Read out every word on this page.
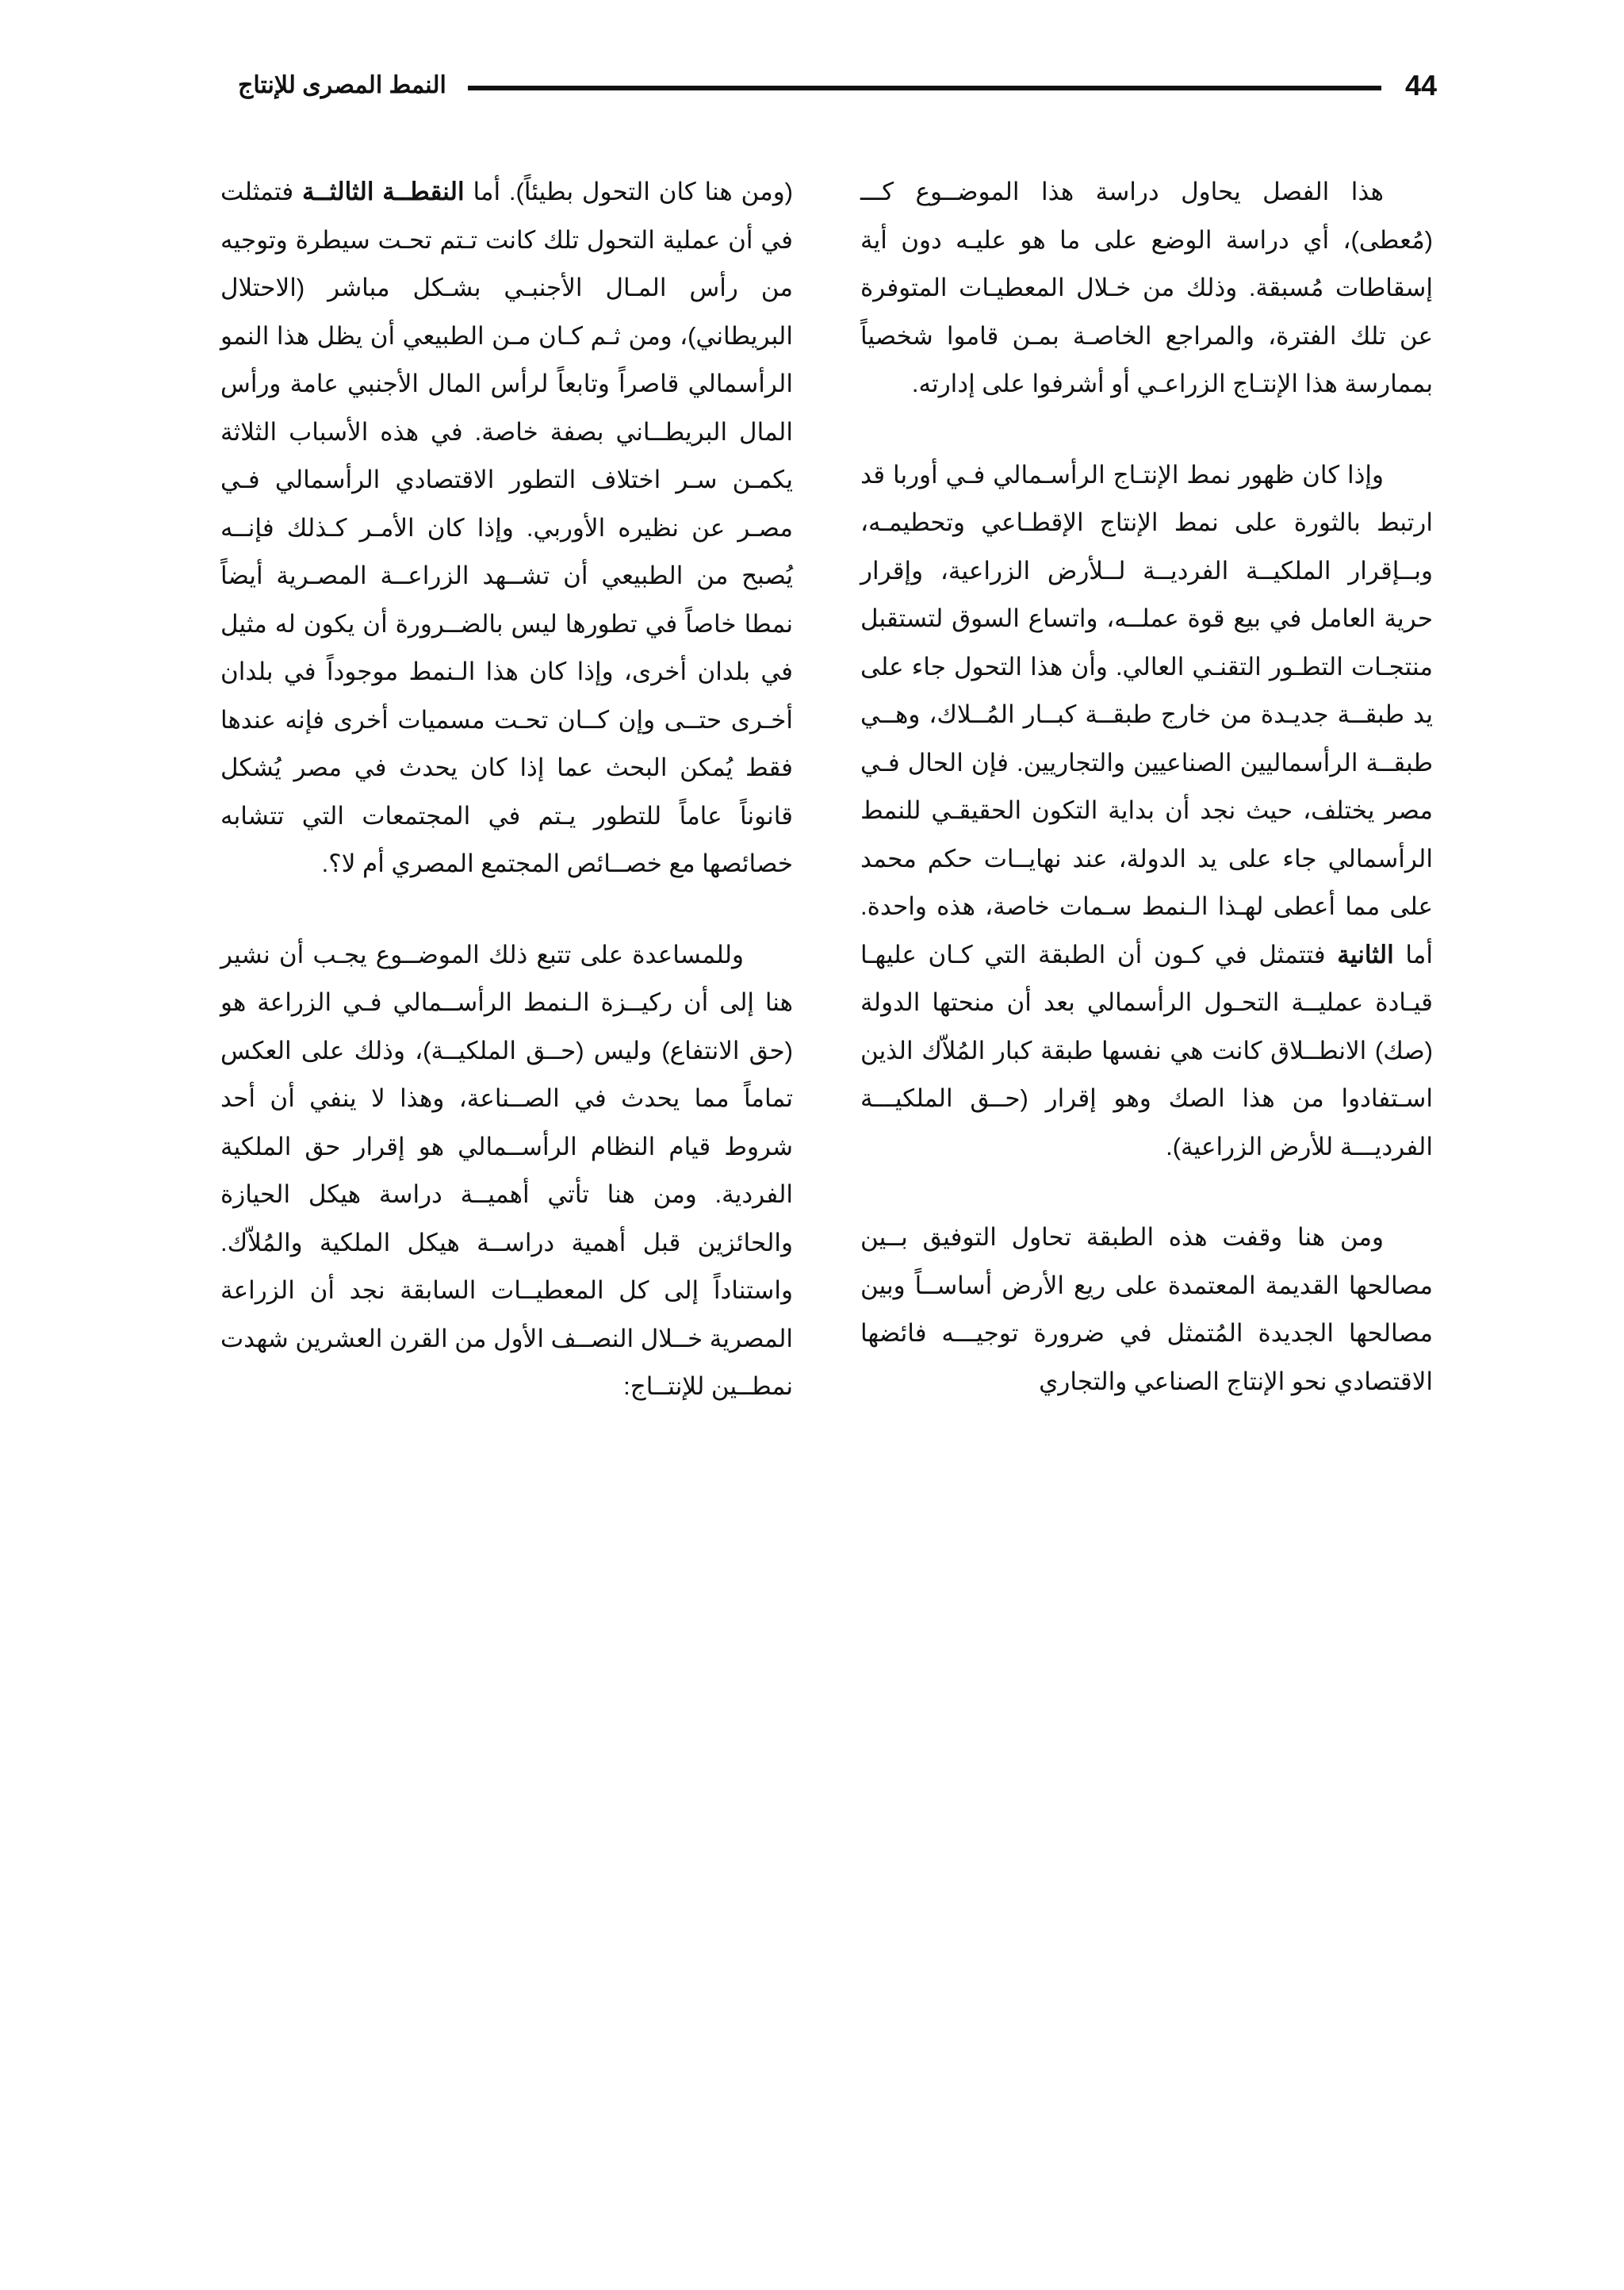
44
النمط المصرى للإنتاج

هذا الفصل يحاول دراسة هذا الموضــوع كـــ (مُعطى)، أي دراسة الوضع على ما هو عليـه دون أية إسقاطات مُسبقة. وذلك من خـلال المعطيـات المتوفرة عن تلك الفترة، والمراجع الخاصـة بمـن قاموا شخصياً بممارسة هذا الإنتـاج الزراعـي أو أشرفوا على إدارته.

وإذا كان ظهور نمط الإنتـاج الرأسـمالي فـي أوربا قد ارتبط بالثورة على نمط الإنتاج الإقطـاعي وتحطيمـه، وبــإقرار الملكيــة الفرديــة لــلأرض الزراعية، وإقرار حرية العامل في بيع قوة عملــه، واتساع السوق لتستقبل منتجـات التطـور التقنـي العالي. وأن هذا التحول جاء على يد طبقــة جديـدة من خارج طبقــة كبــار المُــلاك، وهــي طبقــة الرأسماليين الصناعيين والتجاريين. فإن الحال فـي مصر يختلف، حيث نجد أن بداية التكون الحقيقـي للنمط الرأسمالي جاء على يد الدولة، عند نهايــات حكم محمد على مما أعطى لهـذا الـنمط سـمات خاصة، هذه واحدة. أما الثانية فتتمثل في كـون أن الطبقة التي كـان عليهـا قيـادة عمليــة التحـول الرأسمالي بعد أن منحتها الدولة (صك) الانطــلاق كانت هي نفسها طبقة كبار المُلاّك الذين اسـتفادوا من هذا الصك وهو إقرار (حــق الملكيـــة الفرديـــة للأرض الزراعية).

ومن هنا وقفت هذه الطبقة تحاول التوفيق بــين مصالحها القديمة المعتمدة على ريع الأرض أساســاً وبين مصالحها الجديدة المُتمثل في ضرورة توجيـــه فائضها الاقتصادي نحو الإنتاج الصناعي والتجاري

(ومن هنا كان التحول بطيئاً). أما النقطــة الثالثــة فتمثلت في أن عملية التحول تلك كانت تـتم تحـت سيطرة وتوجيه من رأس المـال الأجنبـي بشـكل مباشر (الاحتلال البريطاني)، ومن ثـم كـان مـن الطبيعي أن يظل هذا النمو الرأسمالي قاصراً وتابعاً لرأس المال الأجنبي عامة ورأس المال البريطــاني بصفة خاصة. في هذه الأسباب الثلاثة يكمـن سـر اختلاف التطور الاقتصادي الرأسمالي فـي مصـر عن نظيره الأوربي. وإذا كان الأمـر كـذلك فإنــه يُصبح من الطبيعي أن تشــهد الزراعــة المصـرية أيضاً نمطا خاصاً في تطورها ليس بالضــرورة أن يكون له مثيل في بلدان أخرى، وإذا كان هذا الـنمط موجوداً في بلدان أخـرى حتــى وإن كــان تحـت مسميات أخرى فإنه عندها فقط يُمكن البحث عما إذا كان يحدث في مصر يُشكل قانوناً عاماً للتطور يـتم في المجتمعات التي تتشابه خصائصها مع خصــائص المجتمع المصري أم لا؟.

وللمساعدة على تتبع ذلك الموضــوع يجـب أن نشير هنا إلى أن ركيــزة الـنمط الرأســمالي فـي الزراعة هو (حق الانتفاع) وليس (حــق الملكيــة)، وذلك على العكس تماماً مما يحدث في الصــناعة، وهذا لا ينفي أن أحد شروط قيام النظام الرأســمالي هو إقرار حق الملكية الفردية. ومن هنا تأتي أهميــة دراسة هيكل الحيازة والحائزين قبل أهمية دراســة هيكل الملكية والمُلاّك. واستناداً إلى كل المعطيــات السابقة نجد أن الزراعة المصرية خــلال النصــف الأول من القرن العشرين شهدت نمطــين للإنتــاج:
